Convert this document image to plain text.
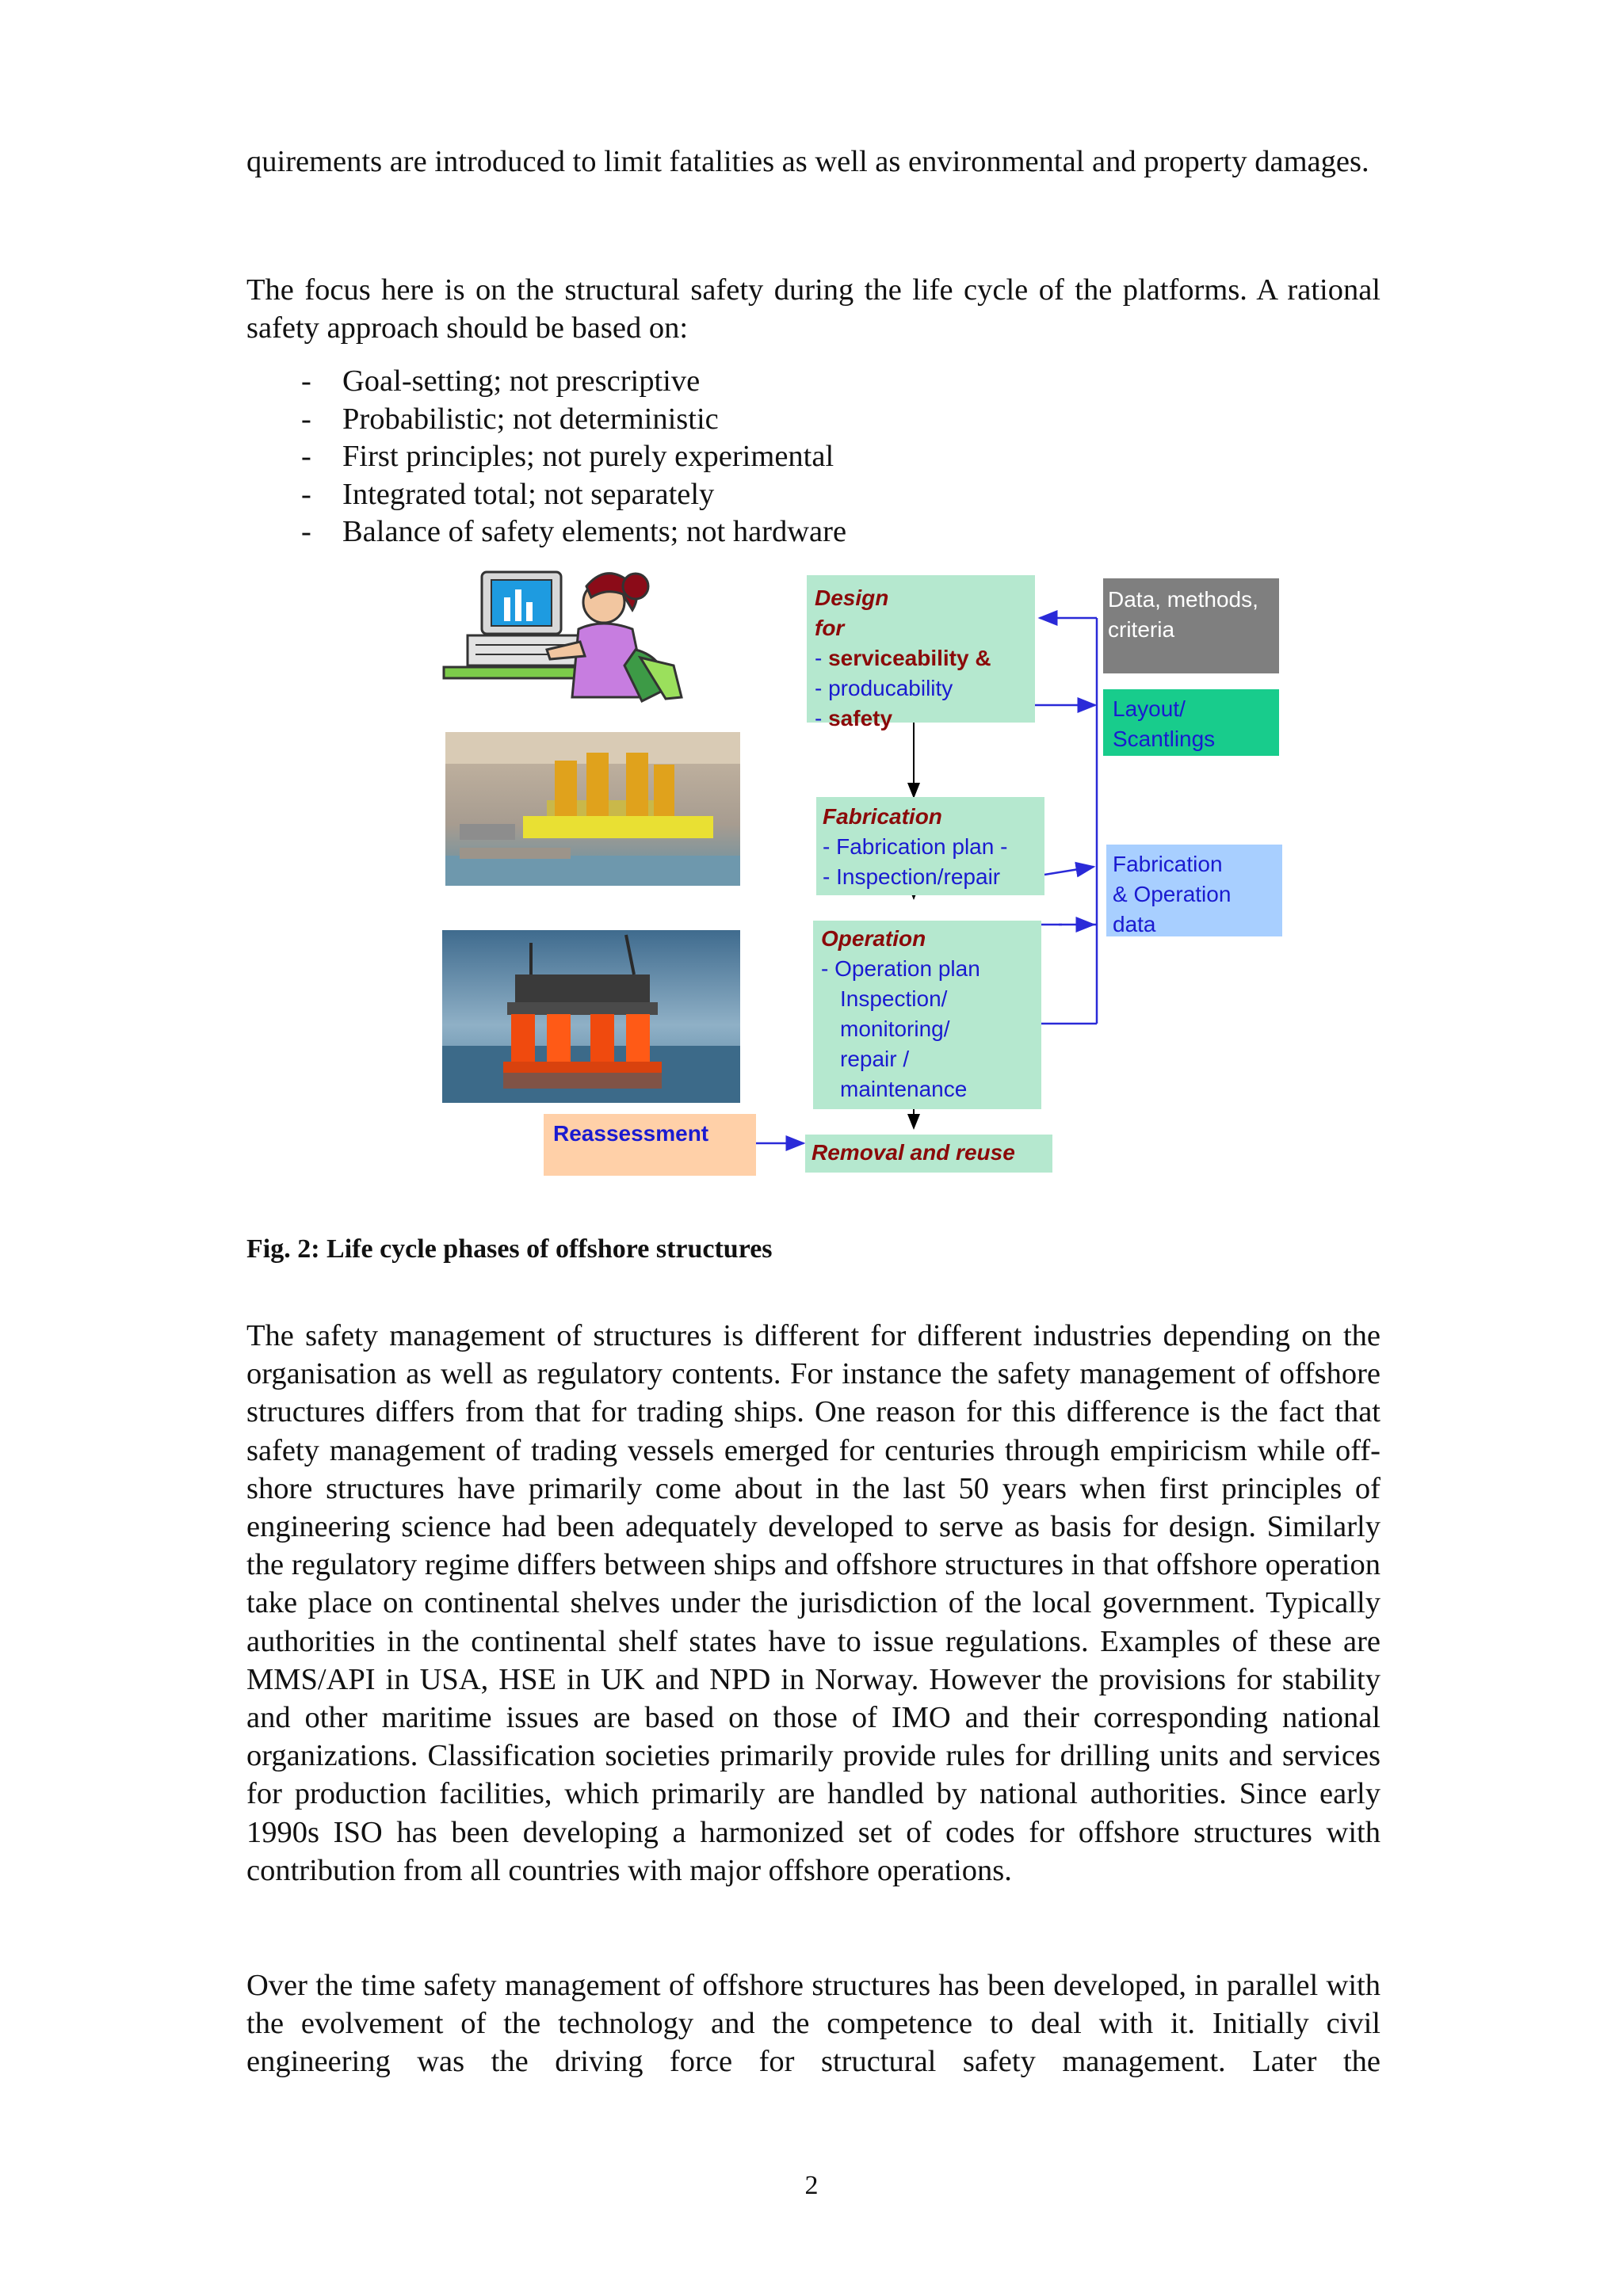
quirements are introduced to limit fatalities as well as environmental and property damages.

The focus here is on the structural safety during the life cycle of the platforms. A rational safety approach should be based on:

- Goal-setting; not prescriptive
- Probabilistic; not deterministic
- First principles; not purely experimental
- Integrated total; not separately
- Balance of safety elements; not hardware
Design
for
- serviceability &
- producability
- safety
Data, methods, criteria
Layout/ Scantlings
Fabrication
- Fabrication plan -
- Inspection/repair
Fabrication & Operation data
Operation
- Operation plan
Inspection/
monitoring/
repair /
maintenance
Reassessment
Removal and reuse

Fig. 2: Life cycle phases of offshore structures

The safety management of structures is different for different industries depending on the organisation as well as regulatory contents. For instance the safety management of offshore structures differs from that for trading ships. One reason for this difference is the fact that safety management of trading vessels emerged for centuries through empiricism while off-shore structures have primarily come about in the last 50 years when first principles of engineering science had been adequately developed to serve as basis for design. Similarly the regulatory regime differs between ships and offshore structures in that offshore operation take place on continental shelves under the jurisdiction of the local government. Typically authorities in the continental shelf states have to issue regulations. Examples of these are MMS/API in USA, HSE in UK and NPD in Norway. However the provisions for stability and other maritime issues are based on those of IMO and their corresponding national organizations. Classification societies primarily provide rules for drilling units and services for production facilities, which primarily are handled by national authorities. Since early 1990s ISO has been developing a harmonized set of codes for offshore structures with contribution from all countries with major offshore operations.

Over the time safety management of offshore structures has been developed, in parallel with the evolvement of the technology and the competence to deal with it. Initially civil engineering was the driving force for structural safety management. Later the

2
